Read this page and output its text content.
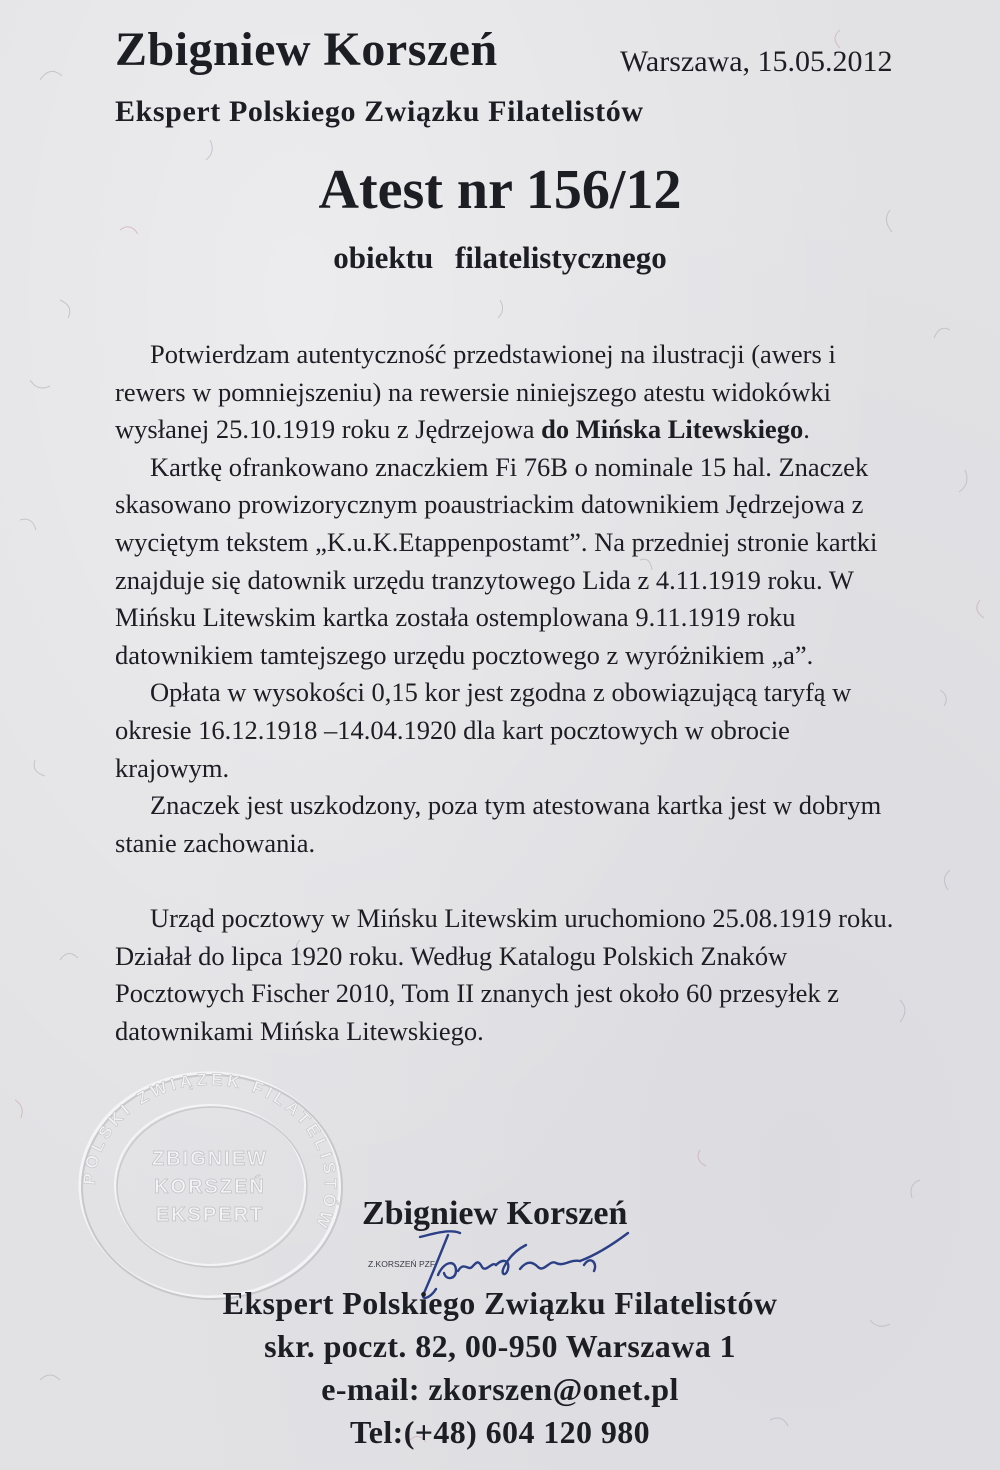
Zbigniew Korszeń	Warszawa, 15.05.2012
Ekspert Polskiego Związku Filatelistów
Atest nr 156/12
obiektu filatelistycznego

Potwierdzam autentyczność przedstawionej na ilustracji (awers i rewers w pomniejszeniu) na rewersie niniejszego atestu widokówki wysłanej 25.10.1919 roku z Jędrzejowa do Mińska Litewskiego.

Kartkę ofrankowano znaczkiem Fi 76B o nominale 15 hal. Znaczek skasowano prowizorycznym poaustriackim datownikiem Jędrzejowa z wyciętym tekstem „K.u.K.Etappenpostamt”. Na przedniej stronie kartki znajduje się datownik urzędu tranzytowego Lida z 4.11.1919 roku. W Mińsku Litewskim kartka została ostemplowana 9.11.1919 roku datownikiem tamtejszego urzędu pocztowego z wyróżnikiem „a”.

Opłata w wysokości 0,15 kor jest zgodna z obowiązującą taryfą w okresie 16.12.1918 –14.04.1920 dla kart pocztowych w obrocie krajowym.

Znaczek jest uszkodzony, poza tym atestowana kartka jest w dobrym stanie zachowania.

Urząd pocztowy w Mińsku Litewskim uruchomiono 25.08.1919 roku. Działał do lipca 1920 roku. Według Katalogu Polskich Znaków Pocztowych Fischer 2010, Tom II znanych jest około 60 przesyłek z datownikami Mińska Litewskiego.

POLSKI ZWIĄZEK FILATELISTÓW
ZBIGNIEW
KORSZEŃ
EKSPERT	Zbigniew Korszeń
Z.KORSZEŃ PZF
Ekspert Polskiego Związku Filatelistów
skr. poczt. 82, 00-950 Warszawa 1
e-mail: zkorszen@onet.pl
Tel:(+48) 604 120 980
